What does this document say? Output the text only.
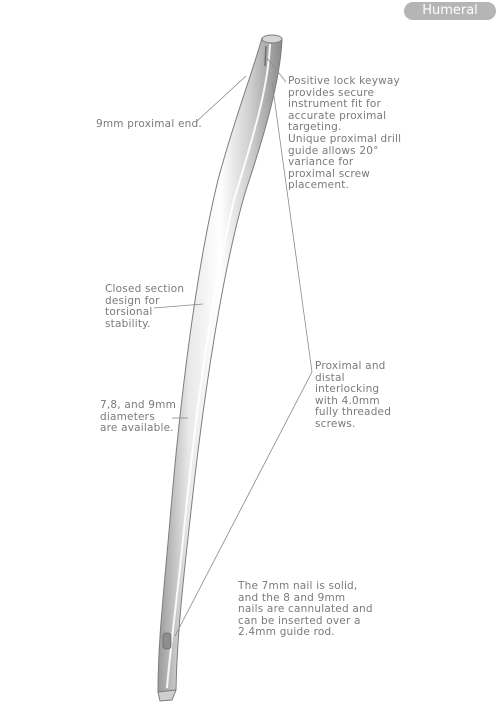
Humeral
Positive lock keyway
provides secure
instrument fit for
accurate proximal
targeting.
Unique proximal drill
guide allows 20°
variance for
proximal screw
placement.
9mm proximal end.
Closed section
design for
torsional
stability.
Proximal and
distal
interlocking
with 4.0mm
fully threaded
screws.
7,8, and 9mm
diameters
are available.
The 7mm nail is solid,
and the 8 and 9mm
nails are cannulated and
can be inserted over a
2.4mm guide rod.
